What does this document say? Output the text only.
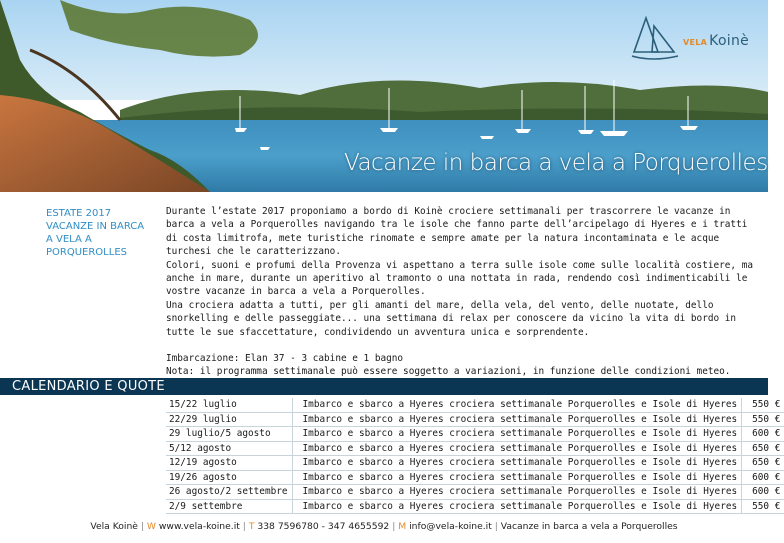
VELA Koinè
Vacanze in barca a vela a Porquerolles
ESTATE 2017 VACANZE IN BARCA A VELA A PORQUEROLLES

Durante l’estate 2017 proponiamo a bordo di Koinè crociere settimanali per trascorrere le vacanze in barca a vela a Porquerolles navigando tra le isole che fanno parte dell’arcipelago di Hyeres e i tratti di costa limitrofa, mete turistiche rinomate e sempre amate per la natura incontaminata e le acque turchesi che le caratterizzano.

Colori, suoni e profumi della Provenza vi aspettano a terra sulle isole come sulle località costiere, ma anche in mare, durante un aperitivo al tramonto o una nottata in rada, rendendo così indimenticabili le vostre vacanze in barca a vela a Porquerolles.

Una crociera adatta a tutti, per gli amanti del mare, della vela, del vento, delle nuotate, dello snorkelling e delle passeggiate... una settimana di relax per conoscere da vicino la vita di bordo in tutte le sue sfaccettature, condividendo un avventura unica e sorprendente.

Imbarcazione: Elan 37 - 3 cabine e 1 bagno

Nota: il programma settimanale può essere soggetto a variazioni, in funzione delle condizioni meteo.

CALENDARIO E QUOTE
15/22 luglio	Imbarco e sbarco a Hyeres crociera settimanale Porquerolles e Isole di Hyeres	550 €
22/29 luglio	Imbarco e sbarco a Hyeres crociera settimanale Porquerolles e Isole di Hyeres	550 €
29 luglio/5 agosto	Imbarco e sbarco a Hyeres crociera settimanale Porquerolles e Isole di Hyeres	600 €
5/12 agosto	Imbarco e sbarco a Hyeres crociera settimanale Porquerolles e Isole di Hyeres	650 €
12/19 agosto	Imbarco e sbarco a Hyeres crociera settimanale Porquerolles e Isole di Hyeres	650 €
19/26 agosto	Imbarco e sbarco a Hyeres crociera settimanale Porquerolles e Isole di Hyeres	600 €
26 agosto/2 settembre	Imbarco e sbarco a Hyeres crociera settimanale Porquerolles e Isole di Hyeres	600 €
2/9 settembre	Imbarco e sbarco a Hyeres crociera settimanale Porquerolles e Isole di Hyeres	550 €
Vela Koinè | W www.vela-koine.it | T 338 7596780 - 347 4655592 | M info@vela-koine.it | Vacanze in barca a vela a Porquerolles
